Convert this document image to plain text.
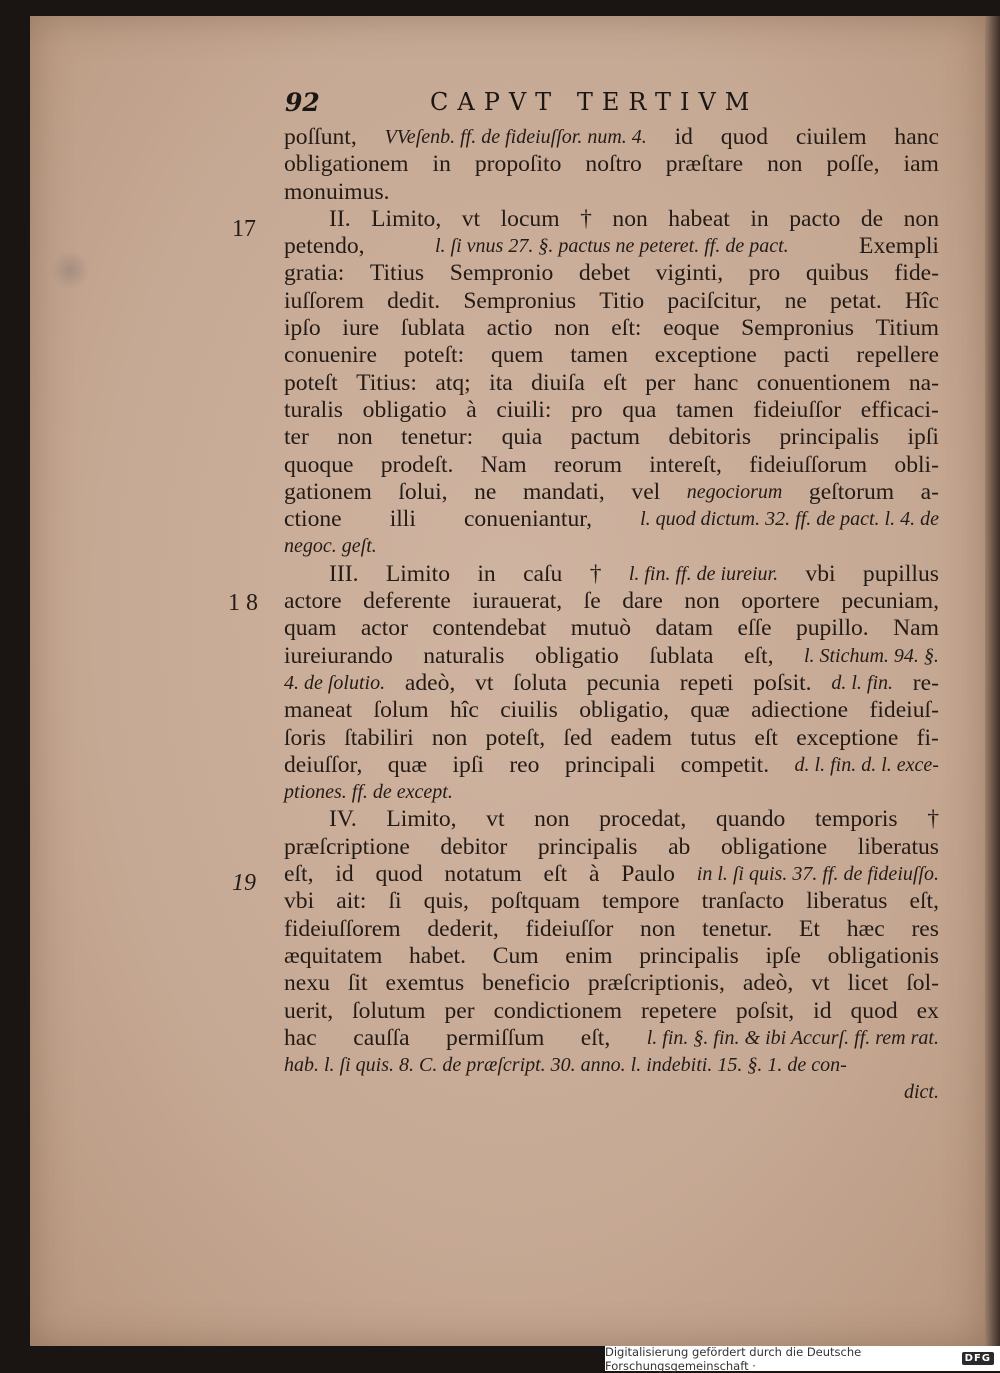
92	CAPVT TERTIVM
17
18
19
poſſunt, VVeſenb. ff. de fideiuſſor. num. 4. id quod ciuilem hanc
obligationem in propoſito noſtro præſtare non poſſe, iam
monuimus.
II. Limito, vt locum † non habeat in pacto de non
petendo,	l. ſi vnus 27. §. pactus ne peteret. ff. de pact.	Exempli
gratia: Titius Sempronio debet viginti, pro quibus fide-
iuſſorem dedit. Sempronius Titio paciſcitur, ne petat. Hîc
ipſo iure ſublata actio non eſt: eoque Sempronius Titium
conuenire poteſt: quem tamen exceptione pacti repellere
poteſt Titius: atq; ita diuiſa eſt per hanc conuentionem na-
turalis obligatio à ciuili: pro qua tamen fideiuſſor efficaci-
ter non tenetur: quia pactum debitoris principalis ipſi
quoque prodeſt. Nam reorum intereſt, fideiuſſorum obli-
gationem ſolui, ne mandati, vel negociorum geſtorum a-
ctione illi conueniantur, l. quod dictum. 32. ff. de pact. l. 4. de
negoc. geſt.
III. Limito in caſu † l. fin. ff. de iureiur. vbi pupillus
actore deferente iurauerat, ſe dare non oportere pecuniam,
quam actor contendebat mutuò datam eſſe pupillo. Nam
iureiurando naturalis obligatio ſublata eſt, l. Stichum. 94. §.
4. de ſolutio. adeò, vt ſoluta pecunia repeti poſsit. d. l. fin. re-
maneat ſolum hîc ciuilis obligatio, quæ adiectione fideiuſ-
ſoris ſtabiliri non poteſt, ſed eadem tutus eſt exceptione fi-
deiuſſor, quæ ipſi reo principali competit. d. l. fin. d. l. exce-
ptiones. ff. de except.
IV. Limito, vt non procedat, quando temporis †
præſcriptione debitor principalis ab obligatione liberatus
eſt, id quod notatum eſt à Paulo in l. ſi quis. 37. ff. de fideiuſſo.
vbi ait: ſi quis, poſtquam tempore tranſacto liberatus eſt,
fideiuſſorem dederit, fideiuſſor non tenetur. Et hæc res
æquitatem habet. Cum enim principalis ipſe obligationis
nexu ſit exemtus beneficio præſcriptionis, adeò, vt licet ſol-
uerit, ſolutum per condictionem repetere poſsit, id quod ex
hac cauſſa permiſſum eſt, l. fin. §. fin. & ibi Accurſ. ff. rem rat.
hab. l. ſi quis. 8. C. de præſcript. 30. anno. l. indebiti. 15. §. 1. de con-
dict.
Digitalisierung gefördert durch die Deutsche Forschungsgemeinschaft ·	DFG
